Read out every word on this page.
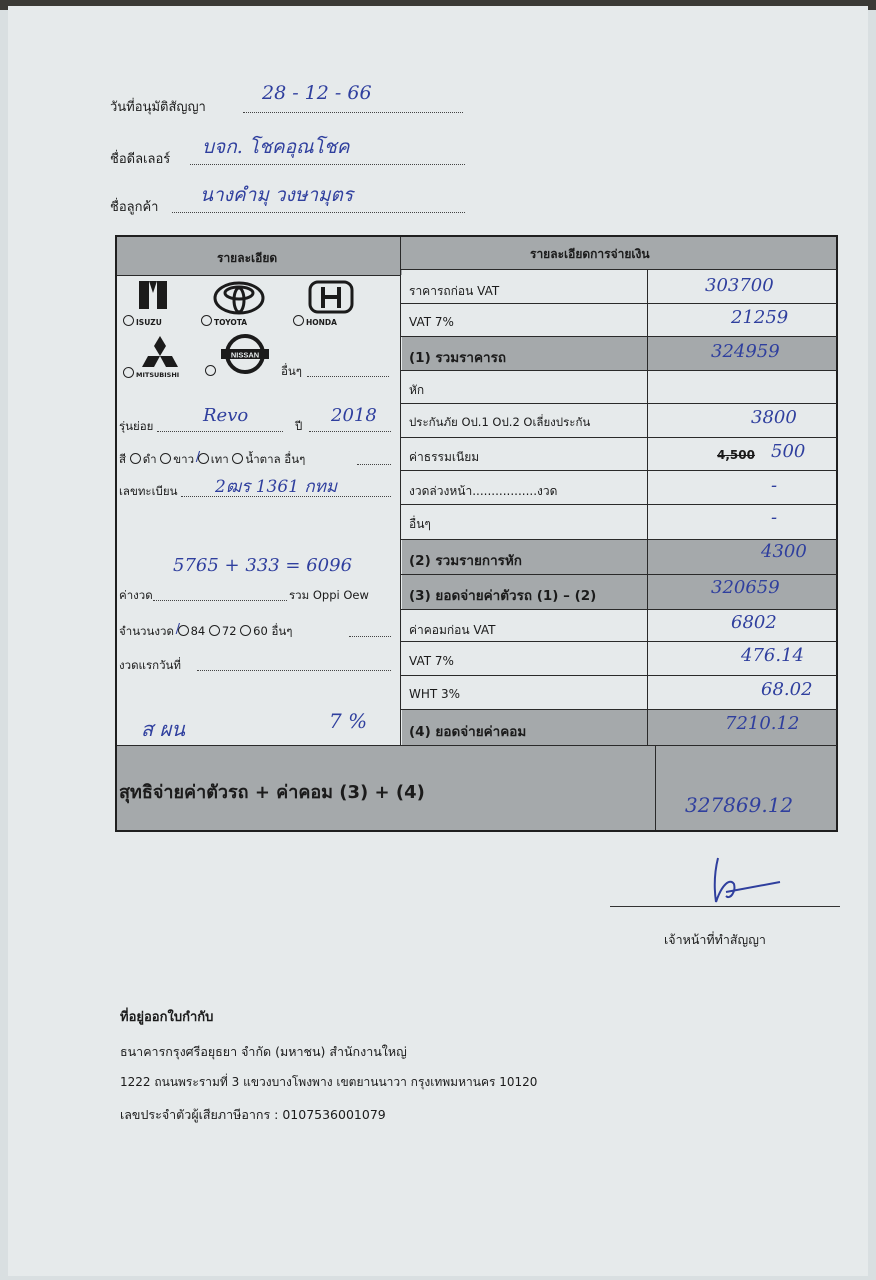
วันที่อนุมัติสัญญา
28 - 12 - 66
ชื่อดีลเลอร์
บจก. โชคอุณโชค
ชื่อลูกค้า
นางคำมุ วงษามุตร
รายละเอียด	รายละเอียดการจ่ายเงิน
ราคารถก่อน VAT	303700
VAT 7%	21259
(1) รวมราคารถ	324959
หัก
ประกันภัย Oป.1 Oป.2 Oเลี่ยงประกัน	3800
ค่าธรรมเนียม	4,500 500
งวดล่วงหน้า.................งวด	-
อื่นๆ	-
(2) รวมรายการหัก	4300
(3) ยอดจ่ายค่าตัวรถ (1) – (2)	320659
ค่าคอมก่อน VAT	6802
VAT 7%	476.14
WHT 3%	68.02
(4) ยอดจ่ายค่าคอม	7210.12
สุทธิจ่ายค่าตัวรถ + ค่าคอม (3) + (4)
327869.12
ISUZU	TOYOTA	HONDA
MITSUBISHI
NISSAN
อื่นๆ
รุ่นย่อย	Revo	ปี 2018
สี ดำ ขาว / เทา น้ำตาล อื่นๆ
เลขทะเบียน 2ฒร 1361 กทม
5765 + 333 = 6096
ค่างวด	รวม Oppi Oew
จำนวนงวด / 84 72 60 อื่นๆ
งวดแรกวันที่
ส ผน	7 %
เจ้าหน้าที่ทำสัญญา
ที่อยู่ออกใบกำกับ
ธนาคารกรุงศรีอยุธยา จำกัด (มหาชน) สำนักงานใหญ่
1222 ถนนพระรามที่ 3 แขวงบางโพงพาง เขตยานนาวา กรุงเทพมหานคร 10120
เลขประจำตัวผู้เสียภาษีอากร : 0107536001079
